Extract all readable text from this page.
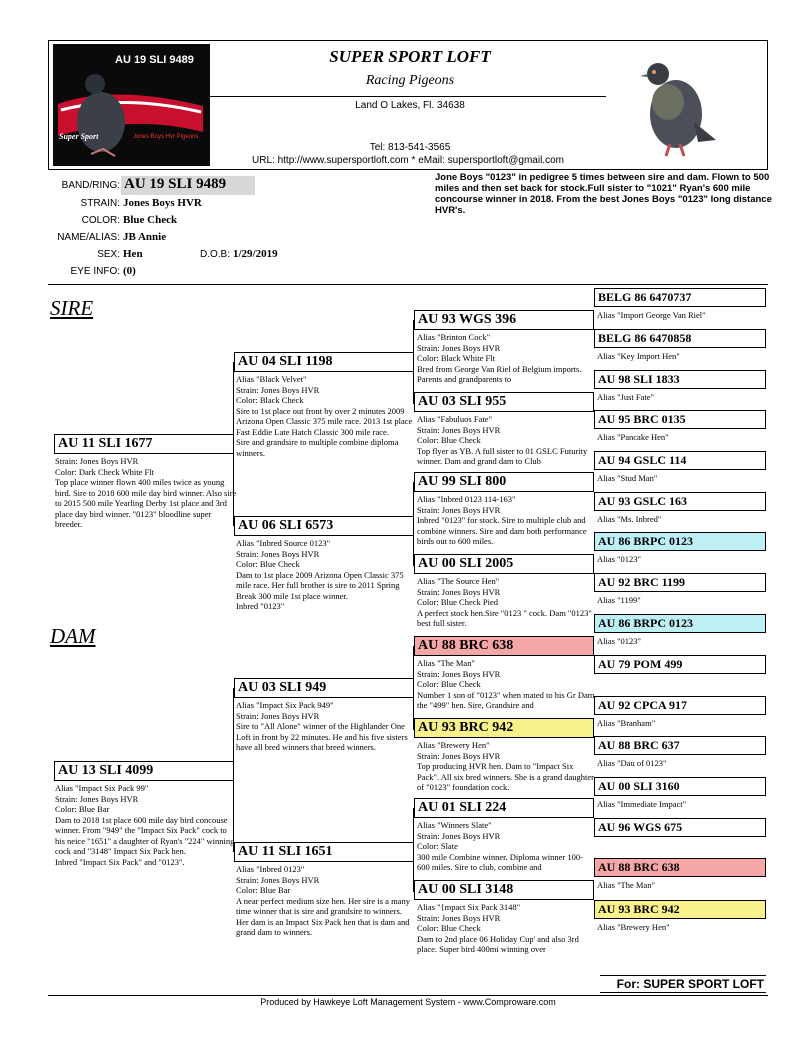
AU 19 SLI 9489
Super Sport	Jones Boys Hvr Pigeons
SUPER SPORT LOFT
Racing Pigeons
Land O Lakes, Fl. 34638
Tel: 813-541-3565
URL: http://www.supersportloft.com * eMail: supersportloft@gmail.com
BAND/RING: AU 19 SLI 9489
STRAIN: Jones Boys HVR
COLOR: Blue Check
NAME/ALIAS: JB Annie
SEX: Hen	D.O.B: 1/29/2019
EYE INFO: (0)
Jone Boys "0123" in pedigree 5 times between sire and dam. Flown to 500 miles and then set back for stock.Full sister to "1021" Ryan's 600 mile concourse winner in 2018. From the best Jones Boys "0123" long distance HVR's.
SIRE
DAM
AU 11 SLI 1677
Strain: Jones Boys HVR
Color: Dark Check White Flt
Top place winner flown 400 miles twice as young bird. Sire to 2018 600 mile day bird winner. Also sire to 2015 500 mile Yearling Derby 1st place and 3rd place day bird winner. "0123" bloodline super breeder.
AU 13 SLI 4099
Alias "Impact Six Pack 99"
Strain: Jones Boys HVR
Color: Blue Bar
Dam to 2018 1st place 600 mile day bird concouse winner. From "949" the "Impact Six Pack" cock to his neice "1651" a daughter of Ryan's "224" winning cock and "3148" Impact Six Pack hen.
Inbred "Impact Six Pack" and "0123".
AU 04 SLI 1198
Alias "Black Velvet"
Strain: Jones Boys HVR
Color: Black Check
Sire to 1st place out front by over 2 minutes 2009 Arizona Open Classic 375 mile race. 2013 1st place Fast Eddie Late Hatch Classic 300 mile race.
Sire and grandsire to multiple combine diploma winners.
AU 06 SLI 6573
Alias "Inbred Source 0123"
Strain: Jones Boys HVR
Color: Blue Check
Dam to 1st place 2009 Arizona Open Classic 375 mile race. Her full brother is sire to 2011 Spring Break 300 mile 1st place winner.
Inbred "0123"
AU 03 SLI 949
Alias "Impact Six Pack 949"
Strain: Jones Boys HVR
Sire to "All Alone" winner of the Highlander One Loft in front by 22 minutes. He and his five sisters have all bred winners that breed winners.
AU 11 SLI 1651
Alias "Inbred 0123"
Strain: Jones Boys HVR
Color: Blue Bar
A near perfect medium size hen. Her sire is a many time winner that is sire and grandsire to winners. Her dam is an Impact Six Pack hen that is dam and grand dam to winners.
AU 93 WGS 396
Alias "Brinton Cock"
Strain: Jones Boys HVR
Color: Black White Flt
Bred from George Van Riel of Belgium imports. Parents and grandparents to
AU 03 SLI 955
Alias "Fabuluos Fate"
Strain: Jones Boys HVR
Color: Blue Check
Top flyer as YB. A full sister to 01 GSLC Futurity winner. Dam and grand dam to Club
AU 99 SLI 800
Alias "Inbred 0123 114-163"
Strain: Jones Boys HVR
Inbred "0123" for stock. Sire to multiple club and combine winners. Sire and dam both performance birds out to 600 miles.
AU 00 SLI 2005
Alias "The Source Hen"
Strain: Jones Boys HVR
Color: Blue Check Pied
A perfect stock hen.Sire "0123 " cock. Dam "0123" best full sister.
AU 88 BRC 638
Alias "The Man"
Strain: Jones Boys HVR
Color: Blue Check
Number 1 son of "0123" when mated to his Gr Dam the "499" hen. Sire, Grandsire and
AU 93 BRC 942
Alias "Brewery Hen"
Strain: Jones Boys HVR
Top producing HVR hen. Dam to "Impact Six Pack". All six bred winners. She is a grand daughter of "0123" foundation cock.
AU 01 SLI 224
Alias "Winners Slate"
Strain: Jones Boys HVR
Color: Slate
300 mile Combine winner. Diploma winner 100-600 miles. Sire to club, combine and
AU 00 SLI 3148
Alias "{mpact Six Pack 3148"
Strain: Jones Boys HVR
Color: Blue Check
Dam to 2nd place 06 Holiday Cup' and also 3rd place. Super bird 400mi winning over
BELG 86 6470737
Alias "Import George Van Riel"
BELG 86 6470858
Alias "Key Import Hen"
AU 98 SLI 1833
Alias "Just Fate"
AU 95 BRC 0135
Alias "Pancake Hen"
AU 94 GSLC 114
Alias "Stud Man"
AU 93 GSLC 163
Alias "Ms. Inbred"
AU 86 BRPC 0123
Alias "0123"
AU 92 BRC 1199
Alias "1199"
AU 86 BRPC 0123
Alias "0123"
AU 79 POM 499
AU 92 CPCA 917
Alias "Branham"
AU 88 BRC 637
Alias "Dau of 0123"
AU 00 SLI 3160
Alias "Immediate Impact"
AU 96 WGS 675
AU 88 BRC 638
Alias "The Man"
AU 93 BRC 942
Alias "Brewery Hen"
For: SUPER SPORT LOFT
Produced by Hawkeye Loft Management System - www.Comproware.com
